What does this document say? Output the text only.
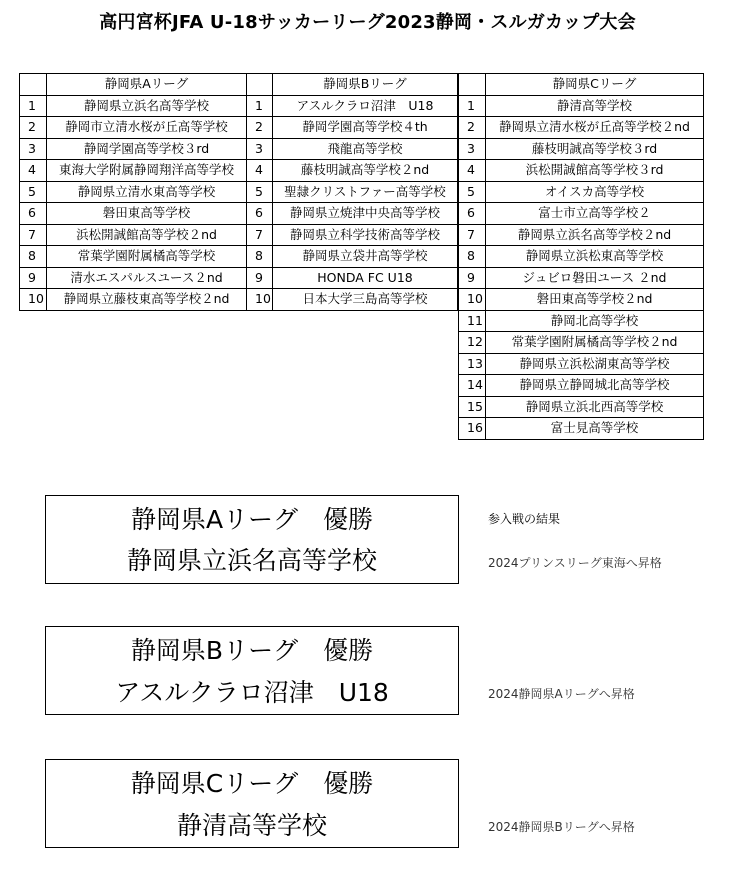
高円宮杯JFA U-18サッカーリーグ2023静岡・スルガカップ大会
	静岡県Aリーグ
1	静岡県立浜名高等学校
2	静岡市立清水桜が丘高等学校
3	静岡学園高等学校３rd
4	東海大学附属静岡翔洋高等学校
5	静岡県立清水東高等学校
6	磐田東高等学校
7	浜松開誠館高等学校２nd
8	常葉学園附属橘高等学校
9	清水エスパルスユース２nd
10	静岡県立藤枝東高等学校２nd
	静岡県Bリーグ
1	アスルクラロ沼津　U18
2	静岡学園高等学校４th
3	飛龍高等学校
4	藤枝明誠高等学校２nd
5	聖隷クリストファー高等学校
6	静岡県立焼津中央高等学校
7	静岡県立科学技術高等学校
8	静岡県立袋井高等学校
9	HONDA FC U18
10	日本大学三島高等学校
	静岡県Cリーグ
1	静清高等学校
2	静岡県立清水桜が丘高等学校２nd
3	藤枝明誠高等学校３rd
4	浜松開誠館高等学校３rd
5	オイスカ高等学校
6	富士市立高等学校２
7	静岡県立浜名高等学校２nd
8	静岡県立浜松東高等学校
9	ジュビロ磐田ユース ２nd
10	磐田東高等学校２nd
11	静岡北高等学校
12	常葉学園附属橘高等学校２nd
13	静岡県立浜松湖東高等学校
14	静岡県立静岡城北高等学校
15	静岡県立浜北西高等学校
16	富士見高等学校
静岡県Aリーグ　優勝
静岡県立浜名高等学校
静岡県Bリーグ　優勝
アスルクラロ沼津　U18
静岡県Cリーグ　優勝
静清高等学校
参入戦の結果
2024プリンスリーグ東海へ昇格
2024静岡県Aリーグへ昇格
2024静岡県Bリーグへ昇格
